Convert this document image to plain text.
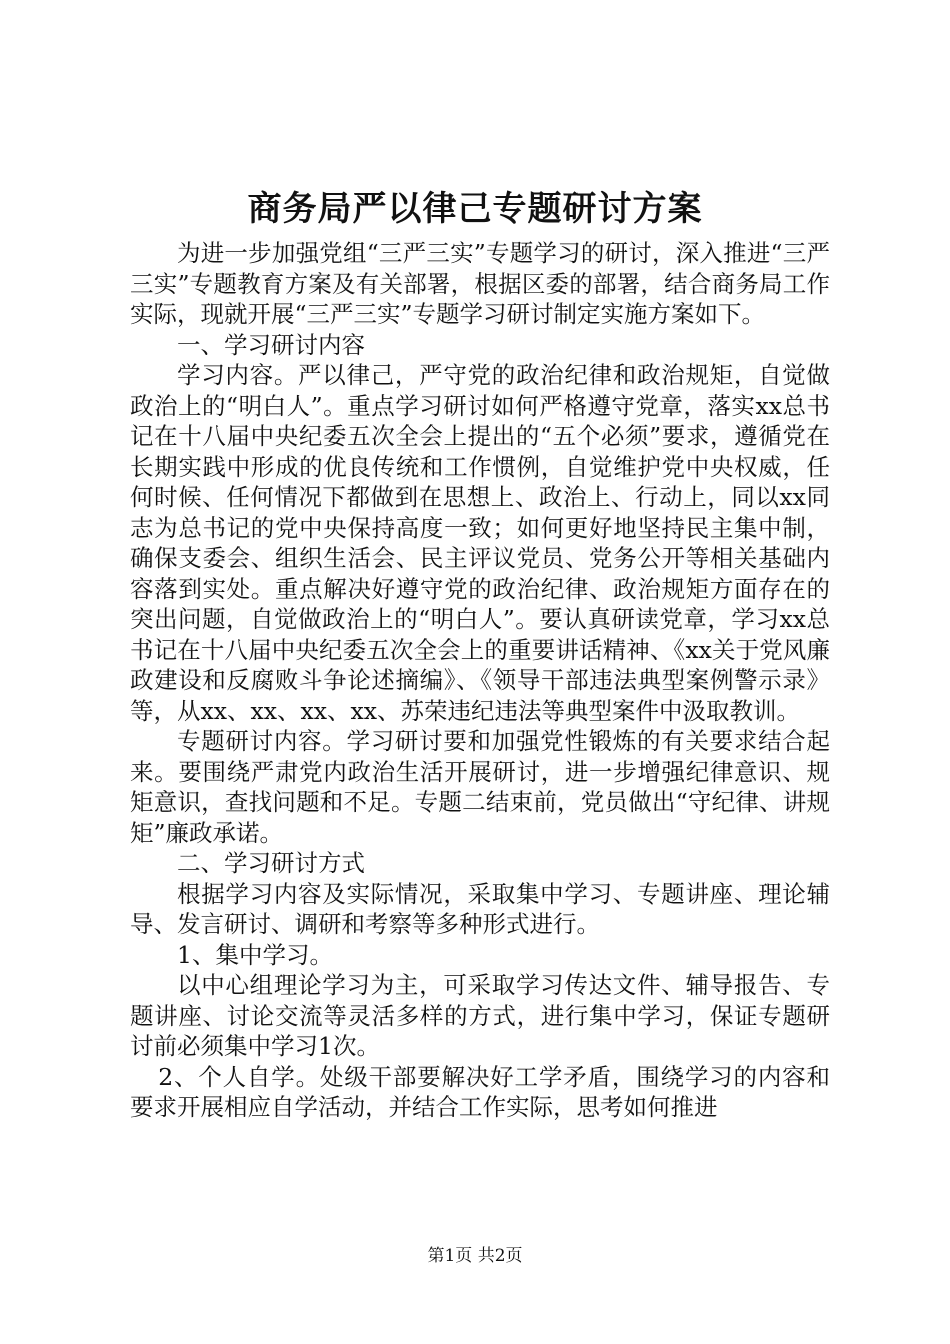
商务局严以律己专题研讨方案

为进一步加强党组“三严三实”专题学习的研讨，深入推进“三严三实”专题教育方案及有关部署，根据区委的部署，结合商务局工作实际，现就开展“三严三实”专题学习研讨制定实施方案如下。

一、学习研讨内容

学习内容。严以律己，严守党的政治纪律和政治规矩，自觉做政治上的“明白人”。重点学习研讨如何严格遵守党章，落实xx总书记在十八届中央纪委五次全会上提出的“五个必须”要求，遵循党在长期实践中形成的优良传统和工作惯例，自觉维护党中央权威，任何时候、任何情况下都做到在思想上、政治上、行动上，同以xx同志为总书记的党中央保持高度一致；如何更好地坚持民主集中制，确保支委会、组织生活会、民主评议党员、党务公开等相关基础内容落到实处。重点解决好遵守党的政治纪律、政治规矩方面存在的突出问题，自觉做政治上的“明白人”。要认真研读党章，学习xx总书记在十八届中央纪委五次全会上的重要讲话精神、《xx关于党风廉政建设和反腐败斗争论述摘编》、《领导干部违法典型案例警示录》等，从xx、xx、xx、xx、苏荣违纪违法等典型案件中汲取教训。

专题研讨内容。学习研讨要和加强党性锻炼的有关要求结合起来。要围绕严肃党内政治生活开展研讨，进一步增强纪律意识、规矩意识，查找问题和不足。专题二结束前，党员做出“守纪律、讲规矩”廉政承诺。

二、学习研讨方式

根据学习内容及实际情况，采取集中学习、专题讲座、理论辅导、发言研讨、调研和考察等多种形式进行。

1、集中学习。

以中心组理论学习为主，可采取学习传达文件、辅导报告、专题讲座、讨论交流等灵活多样的方式，进行集中学习，保证专题研讨前必须集中学习1次。

2、个人自学。处级干部要解决好工学矛盾，围绕学习的内容和要求开展相应自学活动，并结合工作实际，思考如何推进

第1页 共2页
